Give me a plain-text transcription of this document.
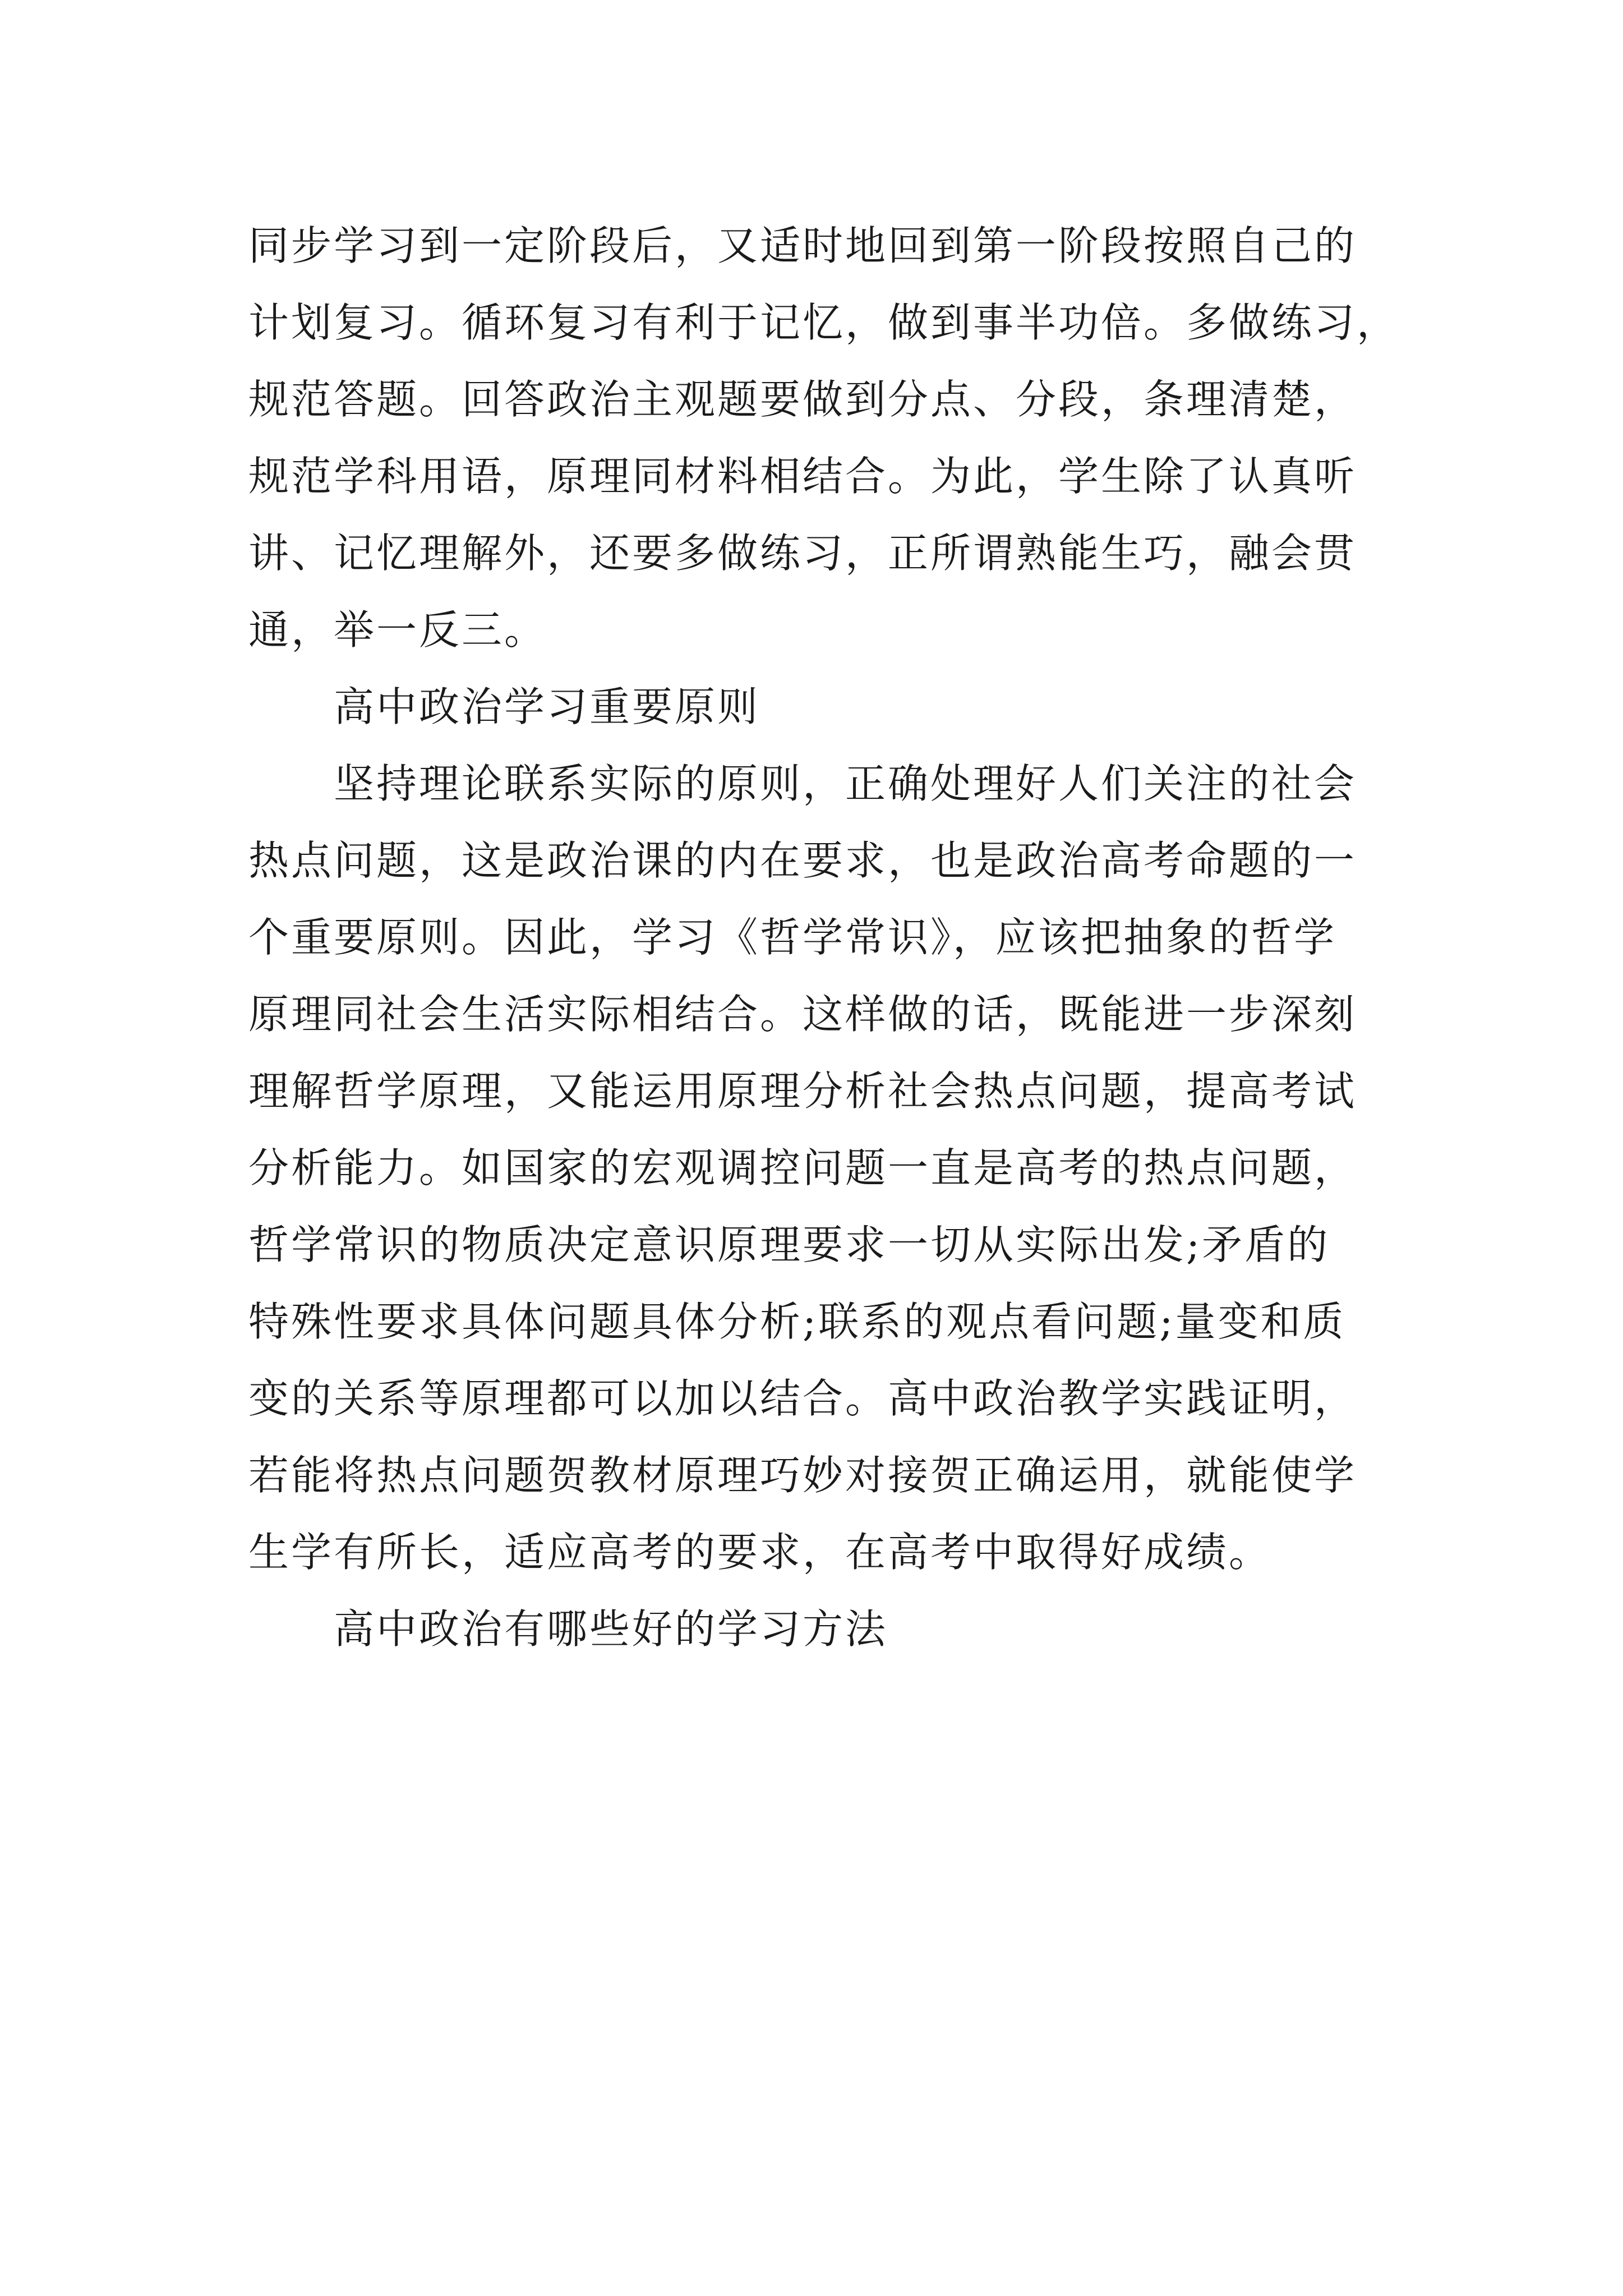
同步学习到一定阶段后，又适时地回到第一阶段按照自己的
计划复习。循环复习有利于记忆，做到事半功倍。多做练习，
规范答题。回答政治主观题要做到分点、分段，条理清楚，
规范学科用语，原理同材料相结合。为此，学生除了认真听
讲、记忆理解外，还要多做练习，正所谓熟能生巧，融会贯
通，举一反三。

高中政治学习重要原则

坚持理论联系实际的原则，正确处理好人们关注的社会
热点问题，这是政治课的内在要求，也是政治高考命题的一
个重要原则。因此，学习《哲学常识》，应该把抽象的哲学
原理同社会生活实际相结合。这样做的话，既能进一步深刻
理解哲学原理，又能运用原理分析社会热点问题，提高考试
分析能力。如国家的宏观调控问题一直是高考的热点问题，
哲学常识的物质决定意识原理要求一切从实际出发;矛盾的
特殊性要求具体问题具体分析;联系的观点看问题;量变和质
变的关系等原理都可以加以结合。高中政治教学实践证明，
若能将热点问题贺教材原理巧妙对接贺正确运用，就能使学
生学有所长，适应高考的要求，在高考中取得好成绩。

高中政治有哪些好的学习方法
